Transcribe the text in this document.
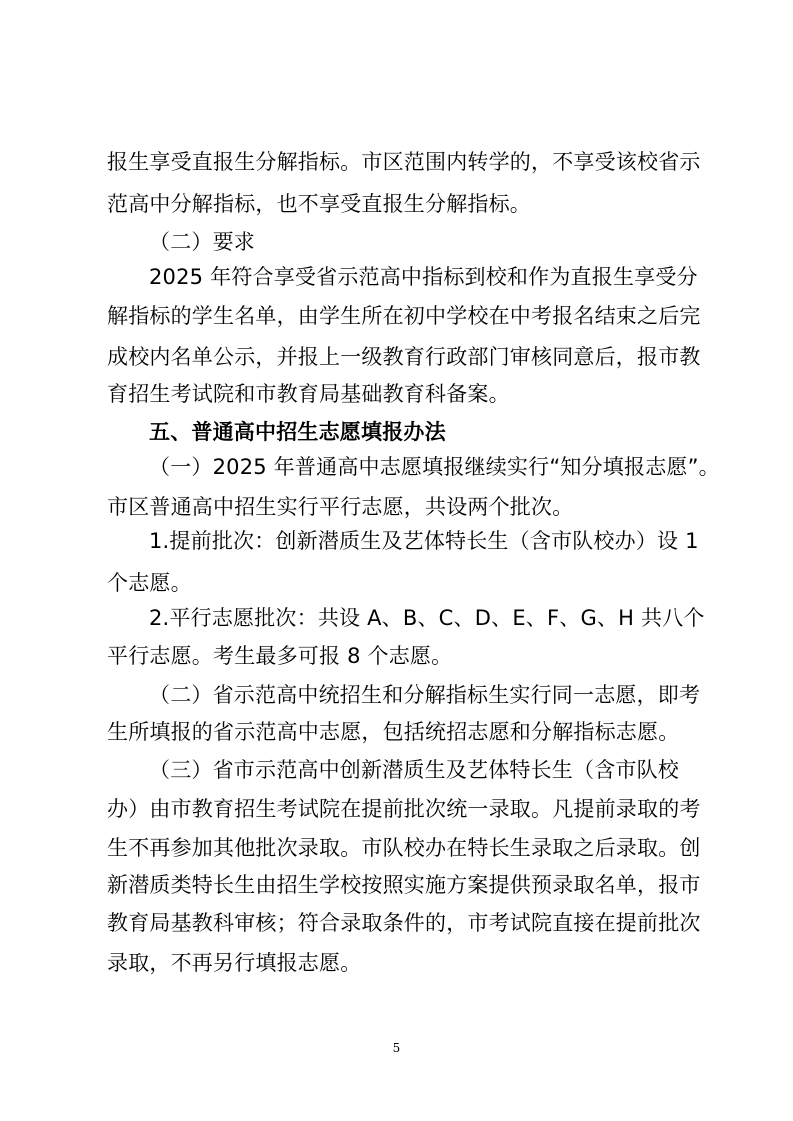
报生享受直报生分解指标。市区范围内转学的，不享受该校省示
范高中分解指标，也不享受直报生分解指标。
（二）要求
2025 年符合享受省示范高中指标到校和作为直报生享受分
解指标的学生名单，由学生所在初中学校在中考报名结束之后完
成校内名单公示，并报上一级教育行政部门审核同意后，报市教
育招生考试院和市教育局基础教育科备案。
五、普通高中招生志愿填报办法
（一）2025 年普通高中志愿填报继续实行“知分填报志愿”。
市区普通高中招生实行平行志愿，共设两个批次。
1.提前批次：创新潜质生及艺体特长生（含市队校办）设 1
个志愿。
2.平行志愿批次：共设 A、B、C、D、E、F、G、H 共八个
平行志愿。考生最多可报 8 个志愿。
（二）省示范高中统招生和分解指标生实行同一志愿，即考
生所填报的省示范高中志愿，包括统招志愿和分解指标志愿。
（三）省市示范高中创新潜质生及艺体特长生（含市队校
办）由市教育招生考试院在提前批次统一录取。凡提前录取的考
生不再参加其他批次录取。市队校办在特长生录取之后录取。创
新潜质类特长生由招生学校按照实施方案提供预录取名单，报市
教育局基教科审核；符合录取条件的，市考试院直接在提前批次
录取，不再另行填报志愿。
5
